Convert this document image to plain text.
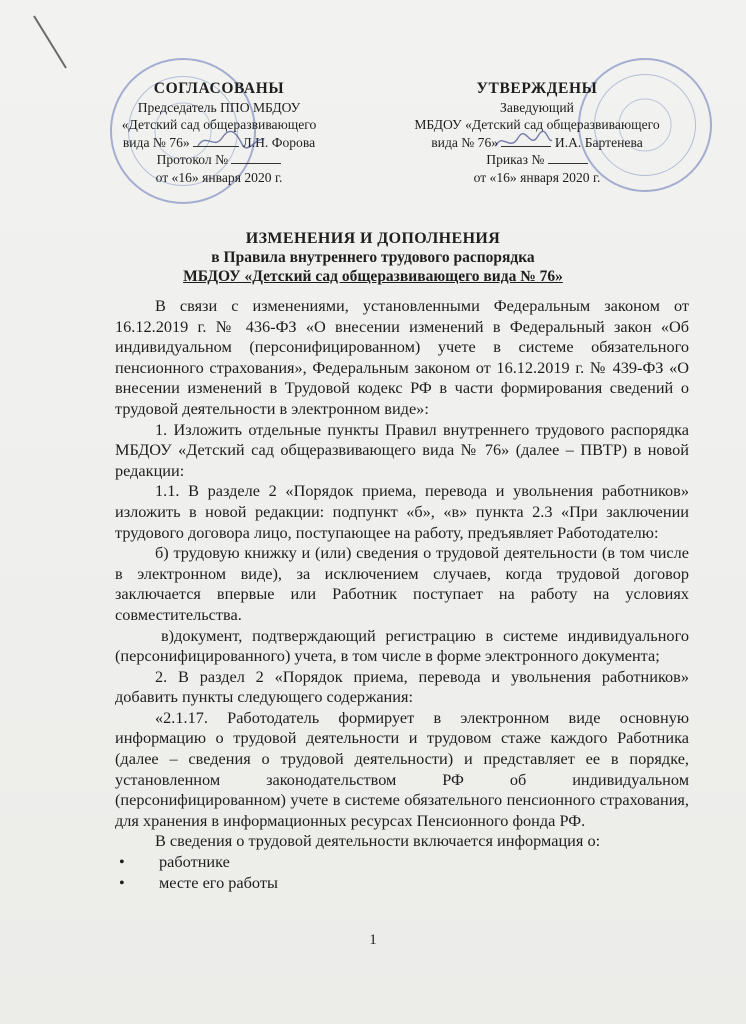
СОГЛАСОВАНЫ
Председатель ППО МБДОУ
«Детский сад общеразвивающего
вида № 76»	Л.Н. Форова
Протокол №
от «16» января 2020 г.
УТВЕРЖДЕНЫ
Заведующий
МБДОУ «Детский сад общеразвивающего
вида № 76»	И.А. Бартенева
Приказ №
от «16» января 2020 г.
ИЗМЕНЕНИЯ И ДОПОЛНЕНИЯ
в Правила внутреннего трудового распорядка
МБДОУ «Детский сад общеразвивающего вида № 76»

В связи с изменениями, установленными Федеральным законом от 16.12.2019 г. № 436-ФЗ «О внесении изменений в Федеральный закон «Об индивидуальном (персонифицированном) учете в системе обязательного пенсионного страхования», Федеральным законом от 16.12.2019 г. № 439-ФЗ «О внесении изменений в Трудовой кодекс РФ в части формирования сведений о трудовой деятельности в электронном виде»:

1. Изложить отдельные пункты Правил внутреннего трудового распорядка МБДОУ «Детский сад общеразвивающего вида № 76» (далее – ПВТР) в новой редакции:

1.1. В разделе 2 «Порядок приема, перевода и увольнения работников» изложить в новой редакции: подпункт «б», «в» пункта 2.3 «При заключении трудового договора лицо, поступающее на работу, предъявляет Работодателю:

б) трудовую книжку и (или) сведения о трудовой деятельности (в том числе в электронном виде), за исключением случаев, когда трудовой договор заключается впервые или Работник поступает на работу на условиях совместительства.

в)документ, подтверждающий регистрацию в системе индивидуального (персонифицированного) учета, в том числе в форме электронного документа;

2. В раздел 2 «Порядок приема, перевода и увольнения работников» добавить пункты следующего содержания:

«2.1.17. Работодатель формирует в электронном виде основную информацию о трудовой деятельности и трудовом стаже каждого Работника (далее – сведения о трудовой деятельности) и представляет ее в порядке, установленном законодательством РФ об индивидуальном (персонифицированном) учете в системе обязательного пенсионного страхования, для хранения в информационных ресурсах Пенсионного фонда РФ.

В сведения о трудовой деятельности включается информация о:

•	работнике
•	месте его работы
1
